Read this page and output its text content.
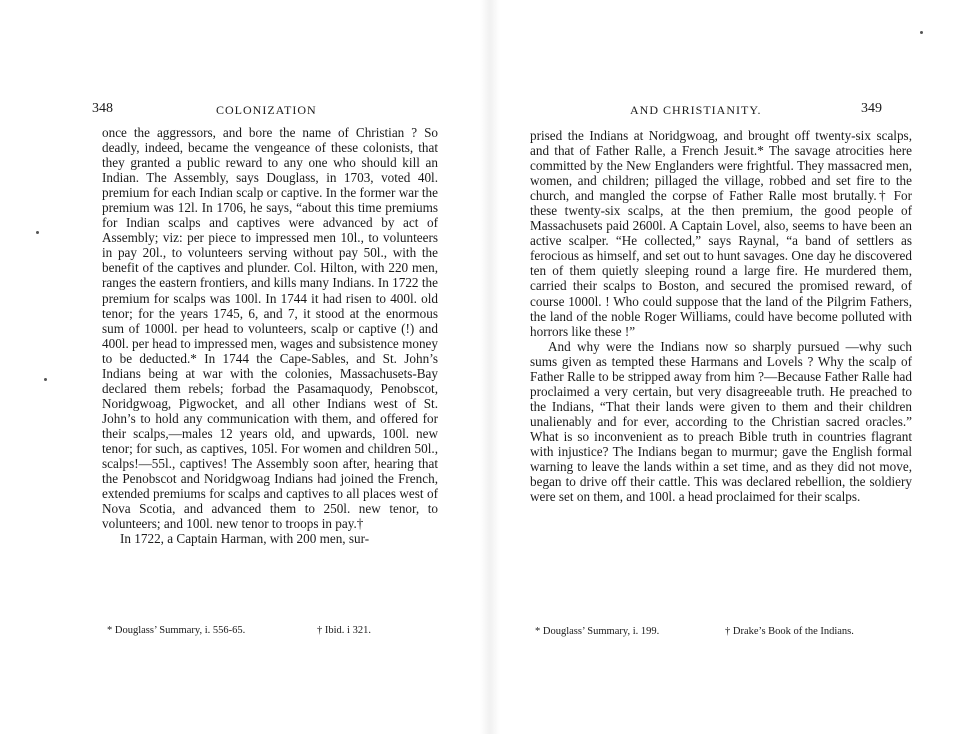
348	COLONIZATION

once the aggressors, and bore the name of Christian ? So deadly, indeed, became the vengeance of these colonists, that they granted a public reward to any one who should kill an Indian. The Assembly, says Douglass, in 1703, voted 40l. premium for each Indian scalp or captive. In the former war the premium was 12l. In 1706, he says, “about this time premiums for Indian scalps and captives were advanced by act of Assembly; viz: per piece to impressed men 10l., to volunteers in pay 20l., to volunteers serving without pay 50l., with the benefit of the captives and plunder. Col. Hilton, with 220 men, ranges the eastern frontiers, and kills many Indians. In 1722 the premium for scalps was 100l. In 1744 it had risen to 400l. old tenor; for the years 1745, 6, and 7, it stood at the enormous sum of 1000l. per head to volunteers, scalp or captive (!) and 400l. per head to impressed men, wages and subsistence money to be deducted.* In 1744 the Cape-Sables, and St. John’s Indians being at war with the colonies, Massachusets-Bay declared them rebels; forbad the Pasamaquody, Penobscot, Noridgwoag, Pigwocket, and all other Indians west of St. John’s to hold any communication with them, and offered for their scalps,—males 12 years old, and upwards, 100l. new tenor; for such, as captives, 105l. For women and children 50l., scalps!—55l., captives! The Assembly soon after, hearing that the Penobscot and Noridgwoag Indians had joined the French, extended premiums for scalps and captives to all places west of Nova Scotia, and advanced them to 250l. new tenor, to volunteers; and 100l. new tenor to troops in pay.†

In 1722, a Captain Harman, with 200 men, sur-

* Douglass’ Summary, i. 556-65.	† Ibid. i 321.
AND CHRISTIANITY.	349

prised the Indians at Noridgwoag, and brought off twenty-six scalps, and that of Father Ralle, a French Jesuit.* The savage atrocities here committed by the New Englanders were frightful. They massacred men, women, and children; pillaged the village, robbed and set fire to the church, and mangled the corpse of Father Ralle most brutally.† For these twenty-six scalps, at the then premium, the good people of Massachusets paid 2600l. A Captain Lovel, also, seems to have been an active scalper. “He collected,” says Raynal, “a band of settlers as ferocious as himself, and set out to hunt savages. One day he discovered ten of them quietly sleeping round a large fire. He murdered them, carried their scalps to Boston, and secured the promised reward, of course 1000l. ! Who could suppose that the land of the Pilgrim Fathers, the land of the noble Roger Williams, could have become polluted with horrors like these !”

And why were the Indians now so sharply pursued —why such sums given as tempted these Harmans and Lovels ? Why the scalp of Father Ralle to be stripped away from him ?—Because Father Ralle had proclaimed a very certain, but very disagreeable truth. He preached to the Indians, “That their lands were given to them and their children unalienably and for ever, according to the Christian sacred oracles.” What is so inconvenient as to preach Bible truth in countries flagrant with injustice? The Indians began to murmur; gave the English formal warning to leave the lands within a set time, and as they did not move, began to drive off their cattle. This was declared rebellion, the soldiery were set on them, and 100l. a head proclaimed for their scalps.

* Douglass’ Summary, i. 199.	† Drake’s Book of the Indians.
